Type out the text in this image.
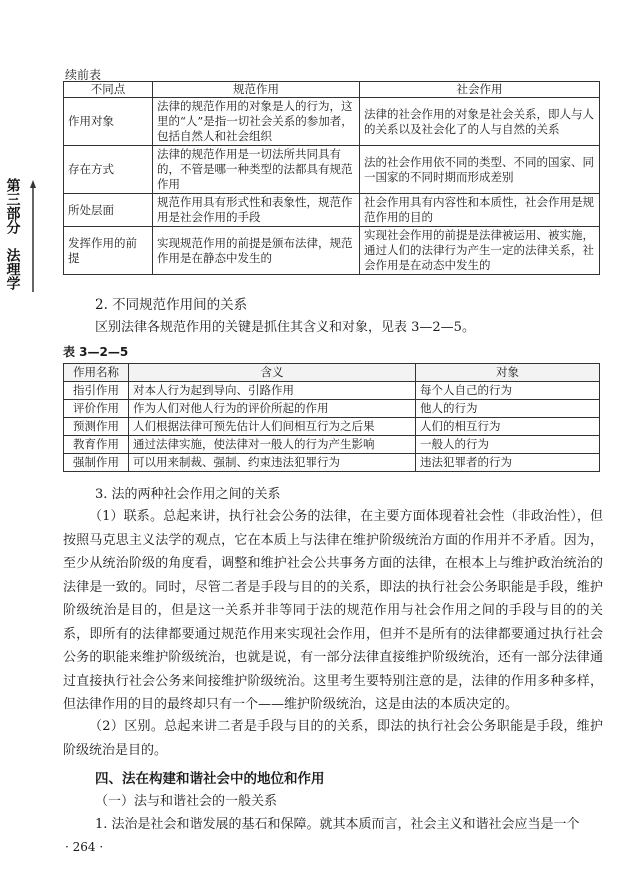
第三部分　法理学
续前表
不同点	规范作用	社会作用
作用对象	法律的规范作用的对象是人的行为，这里的“人”是指一切社会关系的参加者，包括自然人和社会组织	法律的社会作用的对象是社会关系，即人与人的关系以及社会化了的人与自然的关系
存在方式	法律的规范作用是一切法所共同具有的，不管是哪一种类型的法都具有规范作用	法的社会作用依不同的类型、不同的国家、同一国家的不同时期而形成差别
所处层面	规范作用具有形式性和表象性，规范作用是社会作用的手段	社会作用具有内容性和本质性，社会作用是规范作用的目的
发挥作用的前提	实现规范作用的前提是颁布法律，规范作用是在静态中发生的	实现社会作用的前提是法律被运用、被实施，通过人们的法律行为产生一定的法律关系，社会作用是在动态中发生的
2. 不同规范作用间的关系
区别法律各规范作用的关键是抓住其含义和对象，见表 3—2—5。
表 3—2—5
作用名称	含义	对象
指引作用	对本人行为起到导向、引路作用	每个人自己的行为
评价作用	作为人们对他人行为的评价所起的作用	他人的行为
预测作用	人们根据法律可预先估计人们间相互行为之后果	人们的相互行为
教育作用	通过法律实施，使法律对一般人的行为产生影响	一般人的行为
强制作用	可以用来制裁、强制、约束违法犯罪行为	违法犯罪者的行为
3. 法的两种社会作用之间的关系
（1）联系。总起来讲，执行社会公务的法律，在主要方面体现着社会性（非政治性），但按照马克思主义法学的观点，它在本质上与法律在维护阶级统治方面的作用并不矛盾。因为，至少从统治阶级的角度看，调整和维护社会公共事务方面的法律，在根本上与维护政治统治的法律是一致的。同时，尽管二者是手段与目的的关系，即法的执行社会公务职能是手段，维护阶级统治是目的，但是这一关系并非等同于法的规范作用与社会作用之间的手段与目的的关系，即所有的法律都要通过规范作用来实现社会作用，但并不是所有的法律都要通过执行社会公务的职能来维护阶级统治，也就是说，有一部分法律直接维护阶级统治，还有一部分法律通过直接执行社会公务来间接维护阶级统治。这里考生要特别注意的是，法律的作用多种多样，但法律作用的目的最终却只有一个——维护阶级统治，这是由法的本质决定的。
（2）区别。总起来讲二者是手段与目的的关系，即法的执行社会公务职能是手段，维护阶级统治是目的。
四、法在构建和谐社会中的地位和作用
（一）法与和谐社会的一般关系
1. 法治是社会和谐发展的基石和保障。就其本质而言，社会主义和谐社会应当是一个
· 264 ·
